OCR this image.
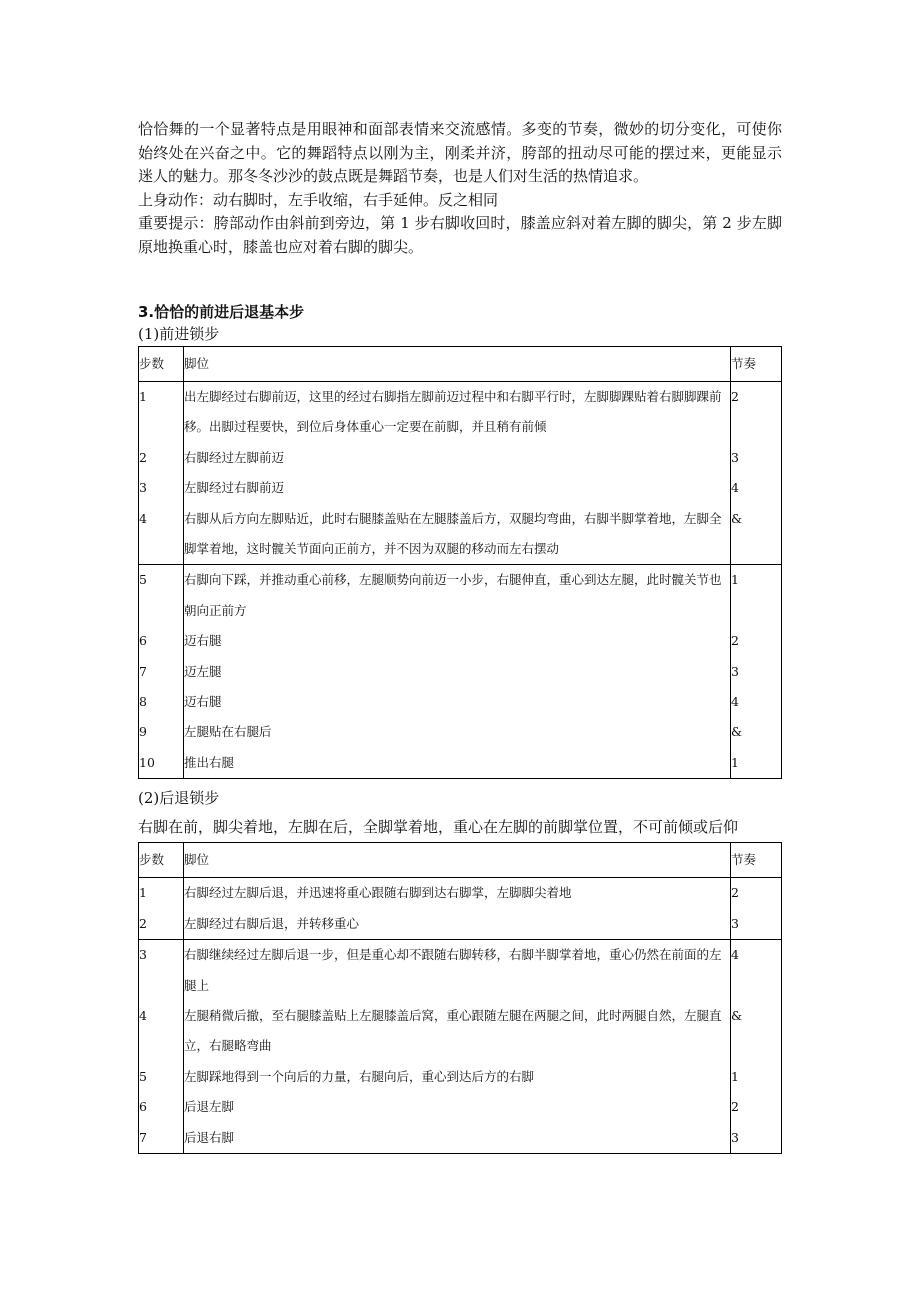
恰恰舞的一个显著特点是用眼神和面部表情来交流感情。多变的节奏，微妙的切分变化，可使你始终处在兴奋之中。它的舞蹈特点以刚为主，刚柔并济，胯部的扭动尽可能的摆过来，更能显示迷人的魅力。那冬冬沙沙的鼓点既是舞蹈节奏，也是人们对生活的热情追求。

上身动作：动右脚时，左手收缩，右手延伸。反之相同

重要提示：胯部动作由斜前到旁边，第 1 步右脚收回时，膝盖应斜对着左脚的脚尖，第 2 步左脚原地换重心时，膝盖也应对着右脚的脚尖。

3.恰恰的前进后退基本步

(1)前进锁步

步数	脚位	节奏
1	出左脚经过右脚前迈，这里的经过右脚指左脚前迈过程中和右脚平行时，左脚脚踝贴着右脚脚踝前移。出脚过程要快，到位后身体重心一定要在前脚，并且稍有前倾	2
2	右脚经过左脚前迈	3
3	左脚经过右脚前迈	4
4	右脚从后方向左脚贴近，此时右腿膝盖贴在左腿膝盖后方，双腿均弯曲，右脚半脚掌着地，左脚全脚掌着地，这时髋关节面向正前方，并不因为双腿的移动而左右摆动	&
5	右脚向下踩，并推动重心前移，左腿顺势向前迈一小步，右腿伸直，重心到达左腿，此时髋关节也朝向正前方	1
6	迈右腿	2
7	迈左腿	3
8	迈右腿	4
9	左腿贴在右腿后	&
10	推出右腿	1

(2)后退锁步

右脚在前，脚尖着地，左脚在后，全脚掌着地，重心在左脚的前脚掌位置，不可前倾或后仰

步数	脚位	节奏
1	右脚经过左脚后退，并迅速将重心跟随右脚到达右脚掌，左脚脚尖着地	2
2	左脚经过右脚后退，并转移重心	3
3	右脚继续经过左脚后退一步，但是重心却不跟随右脚转移，右脚半脚掌着地，重心仍然在前面的左腿上	4
4	左腿稍微后撤，至右腿膝盖贴上左腿膝盖后窝，重心跟随左腿在两腿之间，此时两腿自然，左腿直立，右腿略弯曲	&
5	左脚踩地得到一个向后的力量，右腿向后，重心到达后方的右脚	1
6	后退左脚	2
7	后退右脚	3
